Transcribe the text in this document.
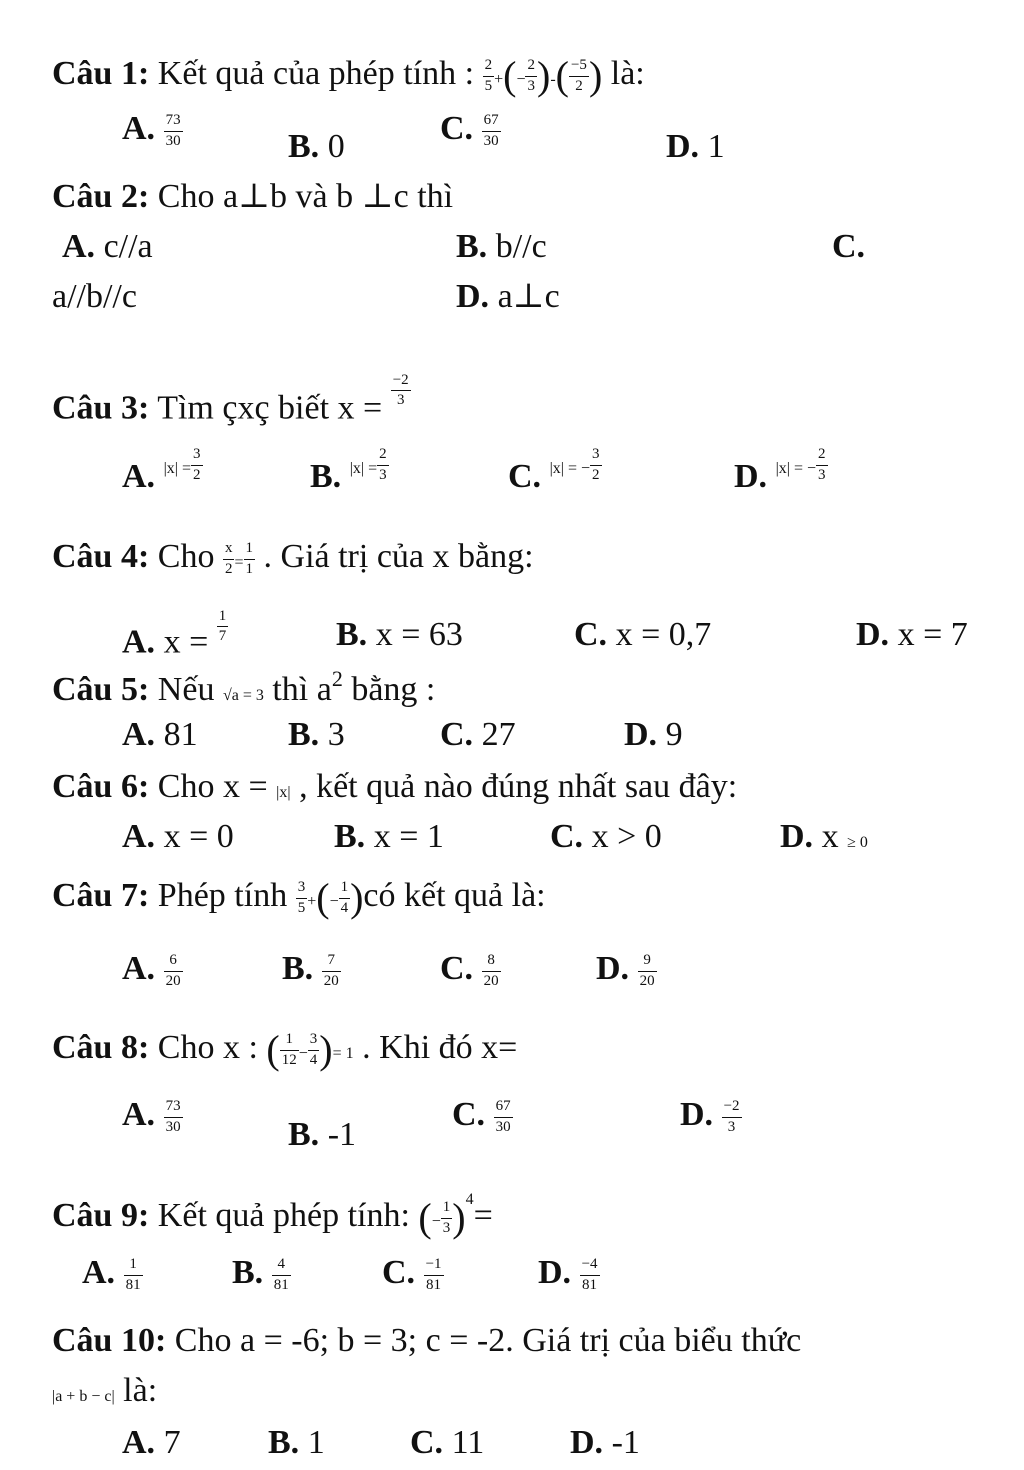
Câu 1: Kết quả của phép tính : $\frac{2}{5}$ +(− $\frac{2}{3}$ )-( $\frac{-5}{2}$ ) là:
A. $\frac{73}{30}$	B. 0	C. $\frac{67}{30}$	D. 1
Câu 2: Cho a⊥b và b ⊥c thì
A. c//a	B. b//c	C.
a//b//c	D. a⊥c
Câu 3: Tìm çxç biết $x = \frac{-2}{3}$
A. $|x| = \frac{3}{2}$	B. $|x| = \frac{2}{3}$	C. |x| = − $\frac{3}{2}$	D. |x| = − $\frac{2}{3}$
Câu 4: Cho $\frac{x}{2} = \frac{1}{1}$ . Giá trị của x bằng:
A. $x = \frac{1}{7}$	B. x = 63	C. x = 0,7	D. x = 7
Câu 5: Nếu √a = 3 thì $a^2$ bằng :
A. 81	B. 3	C. 27	D. 9
Câu 6: Cho x = |x| , kết quả nào đúng nhất sau đây:
A. x = 0	B. x = 1	C. x > 0	D. x ≥ 0
Câu 7: Phép tính $\frac{3}{5}$ +(− $\frac{1}{4}$ )có kết quả là:
A. $\frac{6}{20}$	B. $\frac{7}{20}$	C. $\frac{8}{20}$	D. $\frac{9}{20}$
Câu 8: Cho x : ( $\frac{1}{12} - \frac{3}{4}$ )= 1 . Khi đó x=
A. $\frac{73}{30}$	B. -1
C. $\frac{67}{30}$	D. $\frac{-2}{3}$
Câu 9: Kết quả phép tính: (− $\frac{1}{3} )^4=$
A. $\frac{1}{81}$	B. $\frac{4}{81}$	C. $\frac{-1}{81}$	D. $\frac{-4}{81}$
Câu 10: Cho a = -6; b = 3; c = -2. Giá trị của biểu thức
|a + b − c| là:
A. 7	B. 1	C. 11	D. -1
